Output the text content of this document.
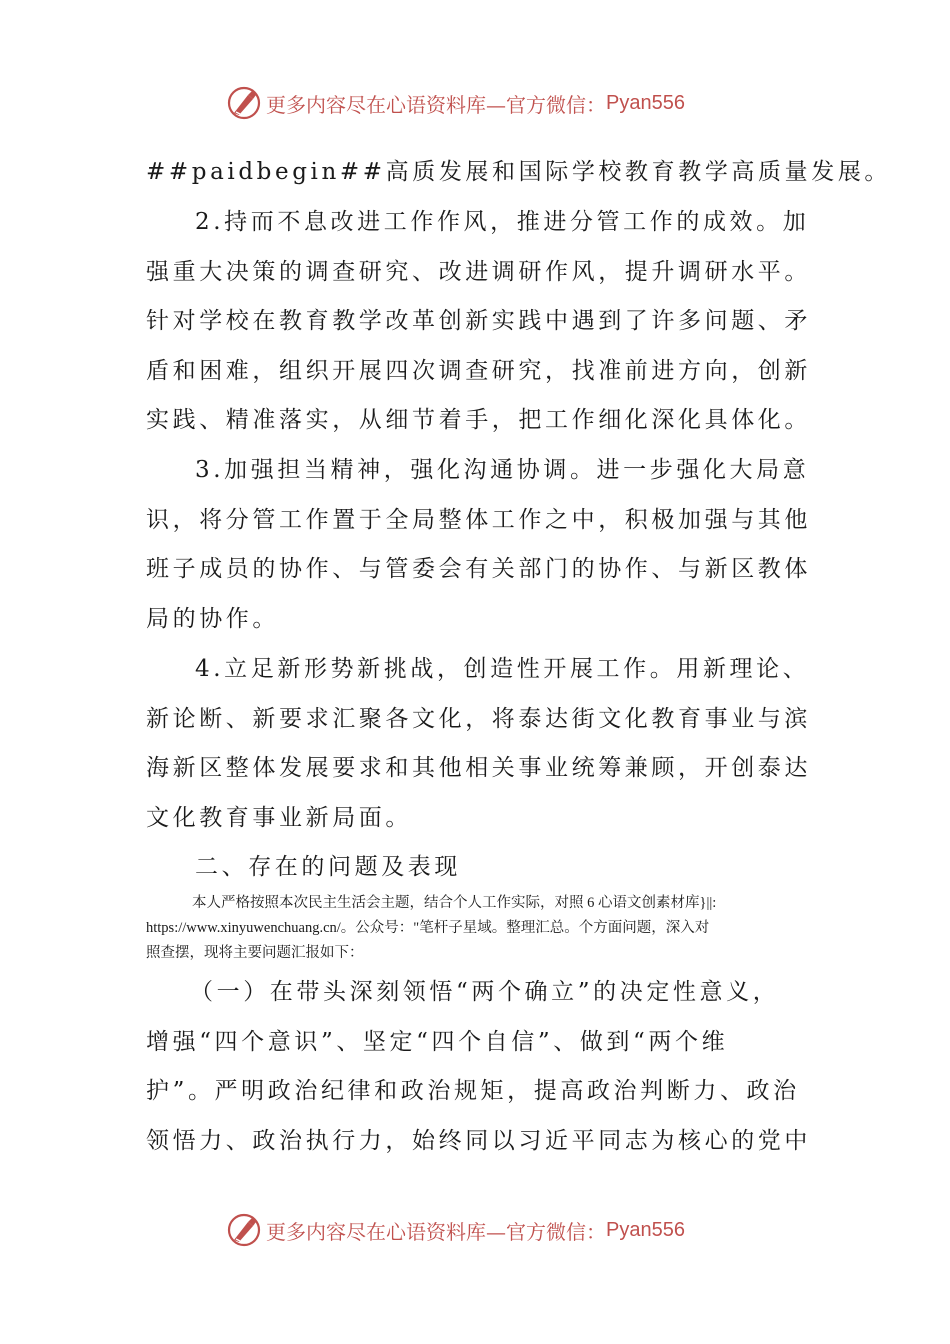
更多内容尽在心语资料库—官方微信： Pyan556

##paidbegin##高质发展和国际学校教育教学高质量发展。

2.持而不息改进工作作风，推进分管工作的成效。加

强重大决策的调查研究、改进调研作风，提升调研水平。

针对学校在教育教学改革创新实践中遇到了许多问题、矛

盾和困难，组织开展四次调查研究，找准前进方向，创新

实践、精准落实，从细节着手，把工作细化深化具体化。

3.加强担当精神，强化沟通协调。进一步强化大局意

识，将分管工作置于全局整体工作之中，积极加强与其他

班子成员的协作、与管委会有关部门的协作、与新区教体

局的协作。

4.立足新形势新挑战，创造性开展工作。用新理论、

新论断、新要求汇聚各文化，将泰达街文化教育事业与滨

海新区整体发展要求和其他相关事业统筹兼顾，开创泰达

文化教育事业新局面。

二、存在的问题及表现

本人严格按照本次民主生活会主题，结合个人工作实际，对照 6 心语文创素材库}||:

https://www.xinyuwenchuang.cn/。公众号："笔杆子星域。整理汇总。个方面问题，深入对

照查摆，现将主要问题汇报如下：

（一）在带头深刻领悟“两个确立”的决定性意义，

增强“四个意识”、坚定“四个自信”、做到“两个维

护”。严明政治纪律和政治规矩，提高政治判断力、政治

领悟力、政治执行力，始终同以习近平同志为核心的党中

更多内容尽在心语资料库—官方微信： Pyan556
